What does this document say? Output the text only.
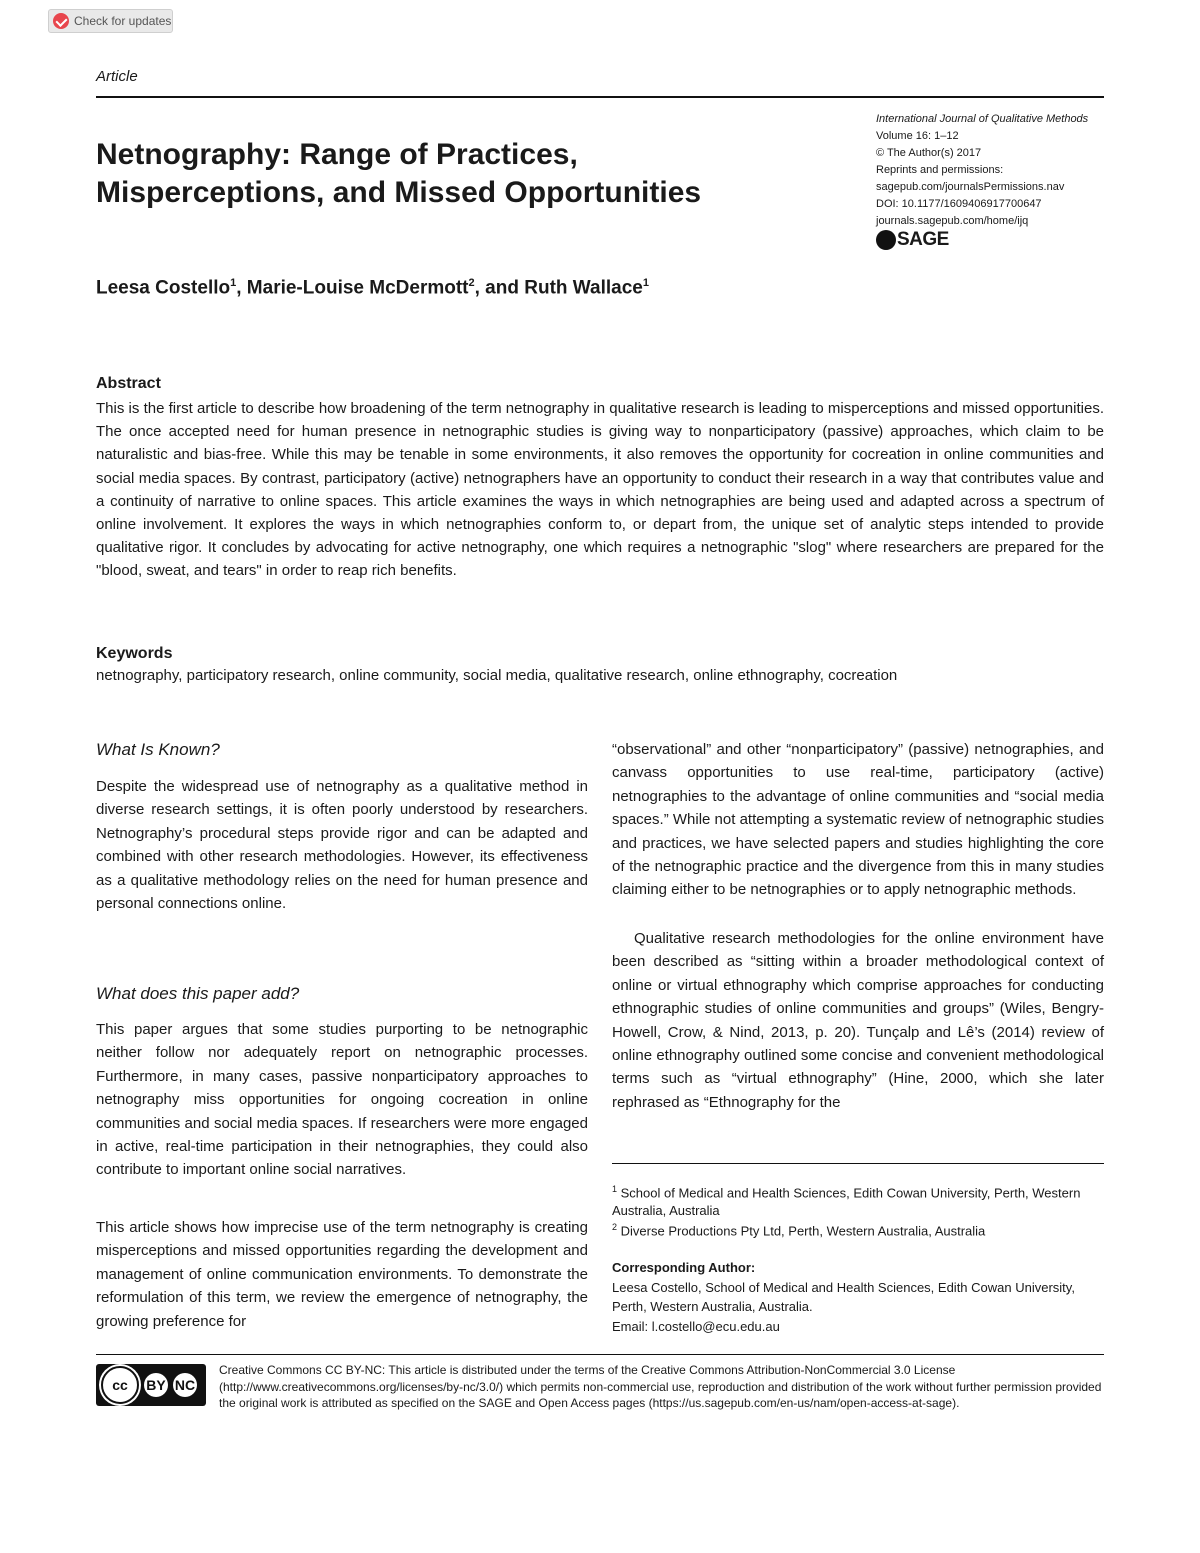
Check for updates
Article
Netnography: Range of Practices,
Misperceptions, and Missed Opportunities
International Journal of Qualitative Methods
Volume 16: 1–12
© The Author(s) 2017
Reprints and permissions:
sagepub.com/journalsPermissions.nav
DOI: 10.1177/1609406917700647
journals.sagepub.com/home/ijq
SAGE
Leesa Costello$^1$, Marie-Louise McDermott$^2$, and Ruth Wallace$^1$
Abstract

This is the first article to describe how broadening of the term netnography in qualitative research is leading to misperceptions and missed opportunities. The once accepted need for human presence in netnographic studies is giving way to nonparticipatory (passive) approaches, which claim to be naturalistic and bias-free. While this may be tenable in some environments, it also removes the opportunity for cocreation in online communities and social media spaces. By contrast, participatory (active) netnographers have an opportunity to conduct their research in a way that contributes value and a continuity of narrative to online spaces. This article examines the ways in which netnographies are being used and adapted across a spectrum of online involvement. It explores the ways in which netnographies conform to, or depart from, the unique set of analytic steps intended to provide qualitative rigor. It concludes by advocating for active netnography, one which requires a netnographic "slog" where researchers are prepared for the "blood, sweat, and tears" in order to reap rich benefits.

Keywords
netnography, participatory research, online community, social media, qualitative research, online ethnography, cocreation
What Is Known?

Despite the widespread use of netnography as a qualitative method in diverse research settings, it is often poorly understood by researchers. Netnography’s procedural steps provide rigor and can be adapted and combined with other research methodologies. However, its effectiveness as a qualitative methodology relies on the need for human presence and personal connections online.

What does this paper add?

This paper argues that some studies purporting to be netnographic neither follow nor adequately report on netnographic processes. Furthermore, in many cases, passive nonparticipatory approaches to netnography miss opportunities for ongoing cocreation in online communities and social media spaces. If researchers were more engaged in active, real-time participation in their netnographies, they could also contribute to important online social narratives.

This article shows how imprecise use of the term netnography is creating misperceptions and missed opportunities regarding the development and management of online communication environments. To demonstrate the reformulation of this term, we review the emergence of netnography, the growing preference for

“observational” and other “nonparticipatory” (passive) netnographies, and canvass opportunities to use real-time, participatory (active) netnographies to the advantage of online communities and “social media spaces.” While not attempting a systematic review of netnographic studies and practices, we have selected papers and studies highlighting the core of the netnographic practice and the divergence from this in many studies claiming either to be netnographies or to apply netnographic methods.

Qualitative research methodologies for the online environment have been described as “sitting within a broader methodological context of online or virtual ethnography which comprise approaches for conducting ethnographic studies of online communities and groups” (Wiles, Bengry-Howell, Crow, & Nind, 2013, p. 20). Tunçalp and Lê’s (2014) review of online ethnography outlined some concise and convenient methodological terms such as “virtual ethnography” (Hine, 2000, which she later rephrased as “Ethnography for the

$^1$ School of Medical and Health Sciences, Edith Cowan University, Perth, Western Australia, Australia
$^2$ Diverse Productions Pty Ltd, Perth, Western Australia, Australia
Corresponding Author:
Leesa Costello, School of Medical and Health Sciences, Edith Cowan University, Perth, Western Australia, Australia.
Email: l.costello@ecu.edu.au
cc	BY NC

Creative Commons CC BY-NC: This article is distributed under the terms of the Creative Commons Attribution-NonCommercial 3.0 License (http://www.creativecommons.org/licenses/by-nc/3.0/) which permits non-commercial use, reproduction and distribution of the work without further permission provided the original work is attributed as specified on the SAGE and Open Access pages (https://us.sagepub.com/en-us/nam/open-access-at-sage).
